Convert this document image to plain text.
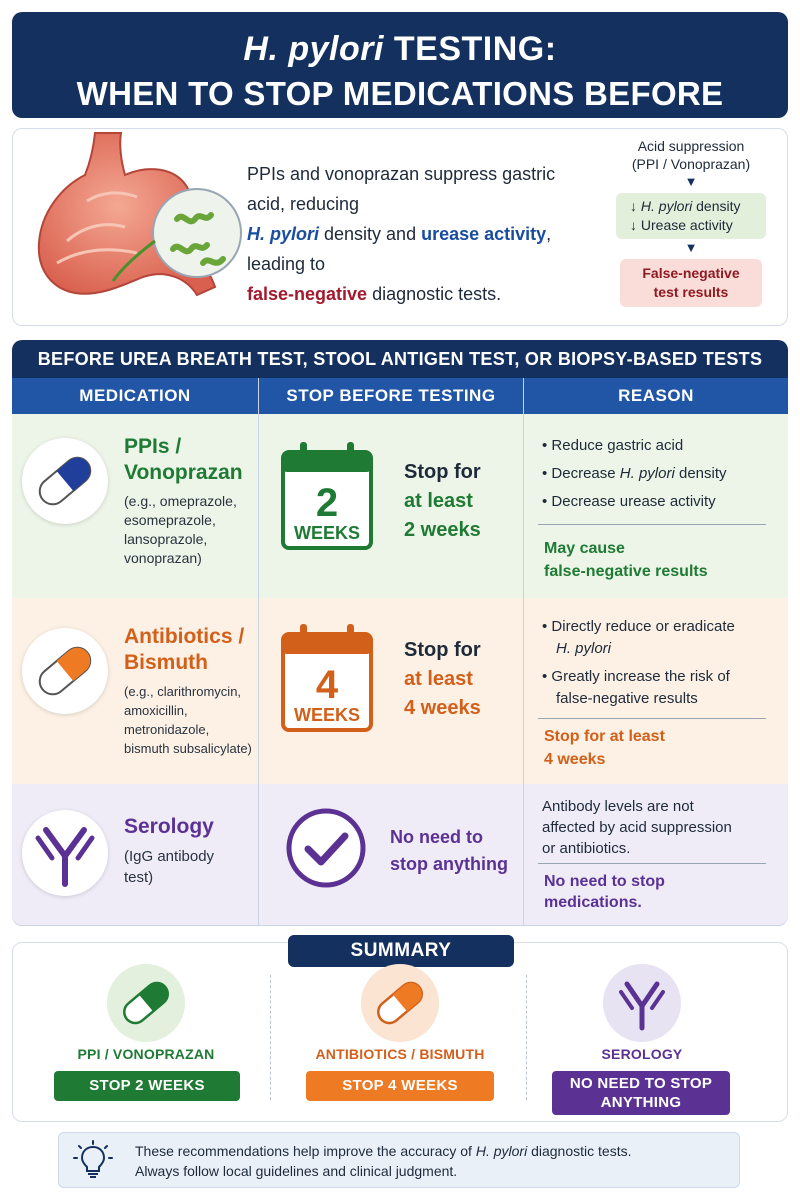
H. pylori TESTING:
WHEN TO STOP MEDICATIONS BEFORE
PPIs and vonoprazan suppress gastric acid, reducing
H. pylori density and urease activity, leading to
false-negative diagnostic tests.
Acid suppression
(PPI / Vonoprazan)
▼
↓ H. pylori density
↓ Urease activity
▼
False-negative
test results
BEFORE UREA BREATH TEST, STOOL ANTIGEN TEST, OR BIOPSY-BASED TESTS
MEDICATION	STOP BEFORE TESTING	REASON
PPIs /
Vonoprazan
(e.g., omeprazole,
esomeprazole,
lansoprazole,
vonoprazan)
2
WEEKS
Stop for
at least
2 weeks
• Reduce gastric acid
• Decrease H. pylori density
• Decrease urease activity
May cause
false-negative results
Antibiotics /
Bismuth
(e.g., clarithromycin,
amoxicillin,
metronidazole,
bismuth subsalicylate)
4
WEEKS
Stop for
at least
4 weeks
• Directly reduce or eradicate
H. pylori
• Greatly increase the risk of
false-negative results
Stop for at least
4 weeks
Serology
(IgG antibody
test)
No need to
stop anything
Antibody levels are not
affected by acid suppression
or antibiotics.
No need to stop
medications.
SUMMARY
PPI / VONOPRAZAN
STOP 2 WEEKS
ANTIBIOTICS / BISMUTH
STOP 4 WEEKS
SEROLOGY
NO NEED TO STOP
ANYTHING
These recommendations help improve the accuracy of H. pylori diagnostic tests.
Always follow local guidelines and clinical judgment.
